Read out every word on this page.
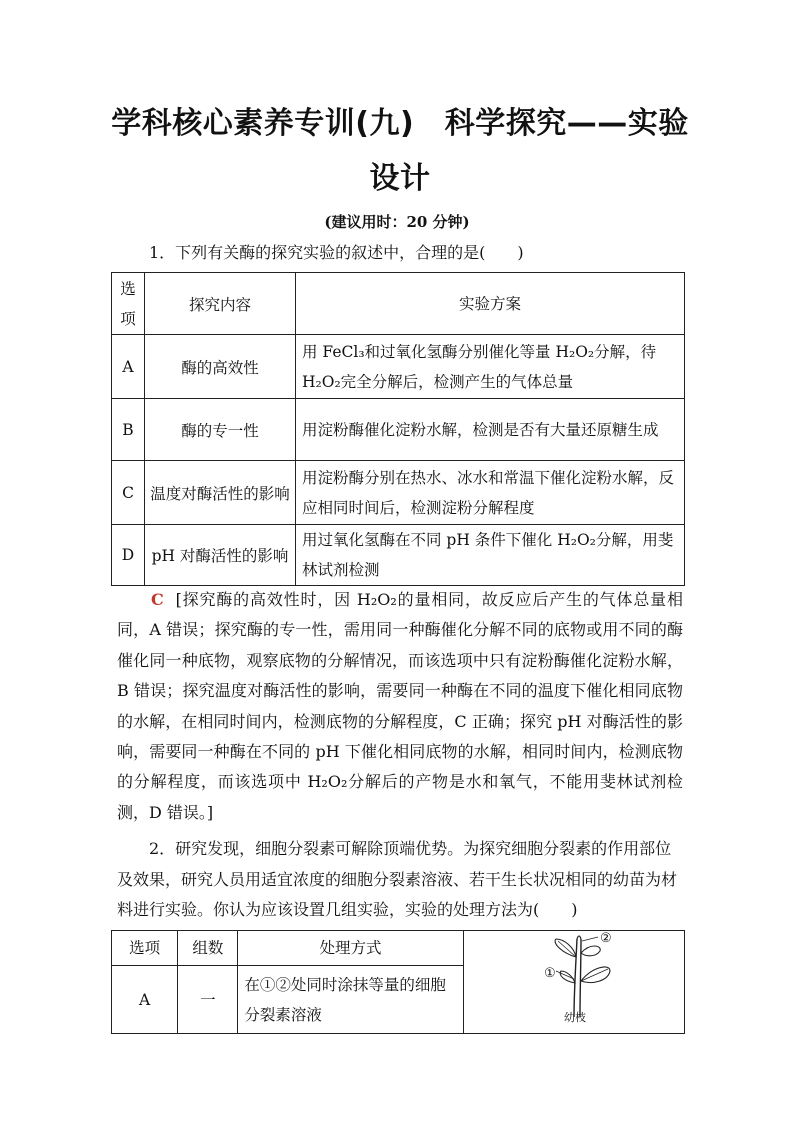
学科核心素养专训(九)　科学探究——实验
设计
(建议用时：20 分钟)
1．下列有关酶的探究实验的叙述中，合理的是(　　)
选项	探究内容	实验方案
A	酶的高效性	用 FeCl₃和过氧化氢酶分别催化等量 H₂O₂分解，待H₂O₂完全分解后，检测产生的气体总量
B	酶的专一性	用淀粉酶催化淀粉水解，检测是否有大量还原糖生成
C	温度对酶活性的影响	用淀粉酶分别在热水、冰水和常温下催化淀粉水解，反应相同时间后，检测淀粉分解程度
D	pH 对酶活性的影响	用过氧化氢酶在不同 pH 条件下催化 H₂O₂分解，用斐林试剂检测
C [探究酶的高效性时，因 H₂O₂的量相同，故反应后产生的气体总量相同，A 错误；探究酶的专一性，需用同一种酶催化分解不同的底物或用不同的酶催化同一种底物，观察底物的分解情况，而该选项中只有淀粉酶催化淀粉水解，B 错误；探究温度对酶活性的影响，需要同一种酶在不同的温度下催化相同底物的水解，在相同时间内，检测底物的分解程度，C 正确；探究 pH 对酶活性的影响，需要同一种酶在不同的 pH 下催化相同底物的水解，相同时间内，检测底物的分解程度，而该选项中 H₂O₂分解后的产物是水和氧气，不能用斐林试剂检测，D 错误。]
2．研究发现，细胞分裂素可解除顶端优势。为探究细胞分裂素的作用部位及效果，研究人员用适宜浓度的细胞分裂素溶液、若干生长状况相同的幼苗为材料进行实验。你认为应该设置几组实验，实验的处理方法为(　　)
选项	组数	处理方式	①
②
幼枝

A	一	在①②处同时涂抹等量的细胞分裂素溶液	
